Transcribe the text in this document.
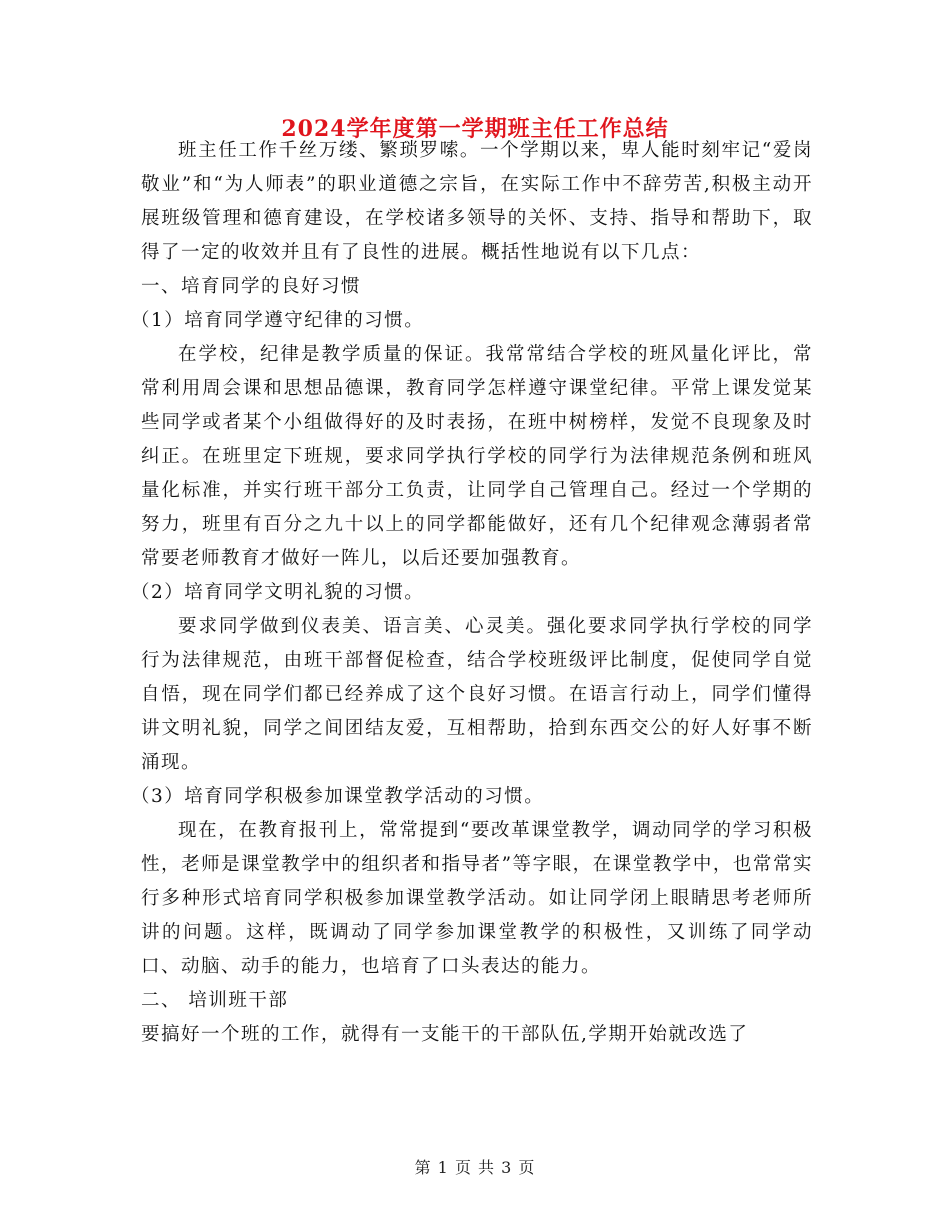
2024学年度第一学期班主任工作总结

班主任工作千丝万缕、繁琐罗嗦。一个学期以来，卑人能时刻牢记“爱岗敬业”和“为人师表”的职业道德之宗旨，在实际工作中不辞劳苦,积极主动开展班级管理和德育建设，在学校诸多领导的关怀、支持、指导和帮助下，取得了一定的收效并且有了良性的进展。概括性地说有以下几点：

一、培育同学的良好习惯

（1）培育同学遵守纪律的习惯。

在学校，纪律是教学质量的保证。我常常结合学校的班风量化评比，常常利用周会课和思想品德课，教育同学怎样遵守课堂纪律。平常上课发觉某些同学或者某个小组做得好的及时表扬，在班中树榜样，发觉不良现象及时纠正。在班里定下班规，要求同学执行学校的同学行为法律规范条例和班风量化标准，并实行班干部分工负责，让同学自己管理自己。经过一个学期的努力，班里有百分之九十以上的同学都能做好，还有几个纪律观念薄弱者常常要老师教育才做好一阵儿，以后还要加强教育。

（2）培育同学文明礼貌的习惯。

要求同学做到仪表美、语言美、心灵美。强化要求同学执行学校的同学行为法律规范，由班干部督促检查，结合学校班级评比制度，促使同学自觉自悟，现在同学们都已经养成了这个良好习惯。在语言行动上，同学们懂得讲文明礼貌，同学之间团结友爱，互相帮助，拾到东西交公的好人好事不断涌现。

（3）培育同学积极参加课堂教学活动的习惯。

现在，在教育报刊上，常常提到“要改革课堂教学，调动同学的学习积极性，老师是课堂教学中的组织者和指导者”等字眼，在课堂教学中，也常常实行多种形式培育同学积极参加课堂教学活动。如让同学闭上眼睛思考老师所讲的问题。这样，既调动了同学参加课堂教学的积极性，又训练了同学动口、动脑、动手的能力，也培育了口头表达的能力。

二、 培训班干部

要搞好一个班的工作，就得有一支能干的干部队伍,学期开始就改选了

第 1 页 共 3 页
